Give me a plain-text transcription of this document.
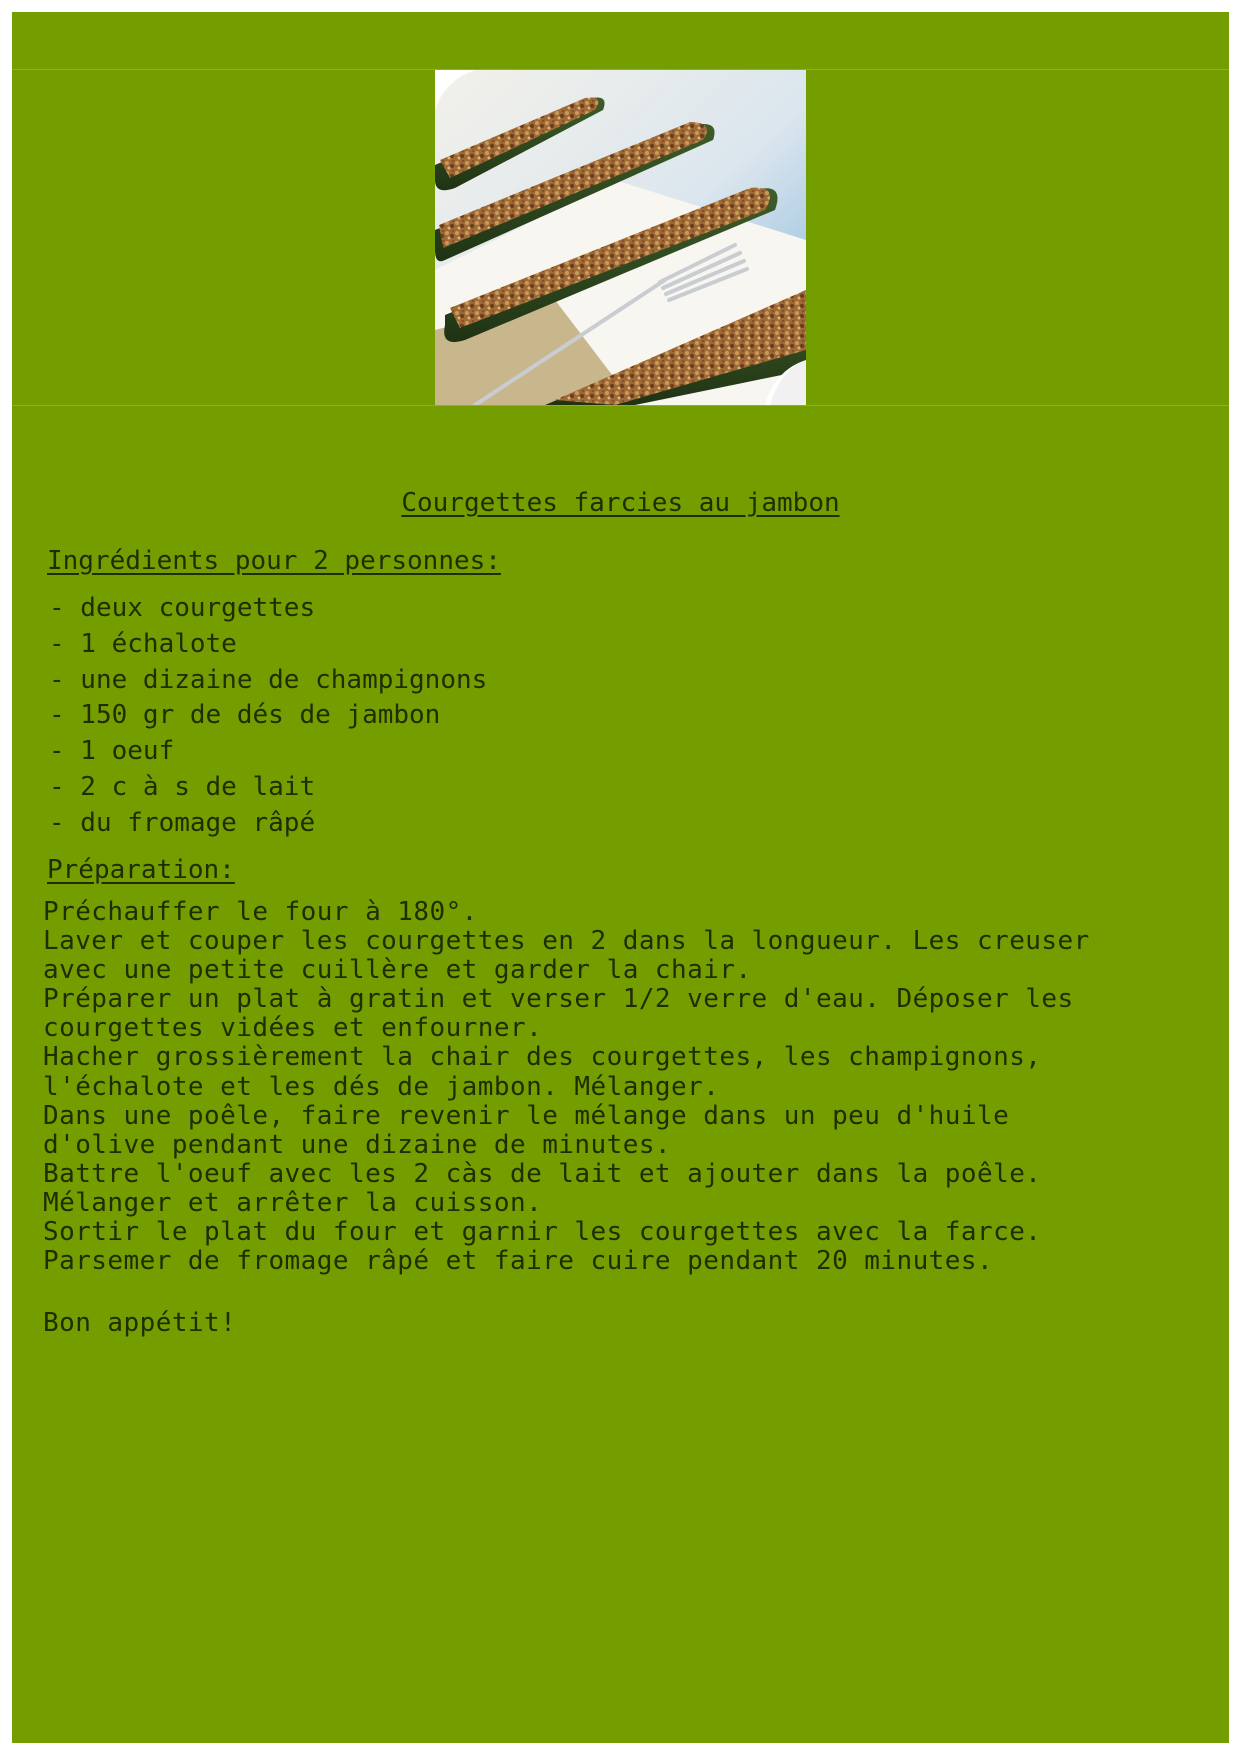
Courgettes farcies au jambon
Ingrédients pour 2 personnes:
- deux courgettes
- 1 échalote
- une dizaine de champignons
- 150 gr de dés de jambon
- 1 oeuf
- 2 c à s de lait
- du fromage râpé
Préparation:
Préchauffer le four à 180°.
Laver et couper les courgettes en 2 dans la longueur. Les creuser
avec une petite cuillère et garder la chair.
Préparer un plat à gratin et verser 1/2 verre d'eau. Déposer les
courgettes vidées et enfourner.
Hacher grossièrement la chair des courgettes, les champignons,
l'échalote et les dés de jambon. Mélanger.
Dans une poêle, faire revenir le mélange dans un peu d'huile
d'olive pendant une dizaine de minutes.
Battre l'oeuf avec les 2 càs de lait et ajouter dans la poêle.
Mélanger et arrêter la cuisson.
Sortir le plat du four et garnir les courgettes avec la farce.
Parsemer de fromage râpé et faire cuire pendant 20 minutes.
Bon appétit!
